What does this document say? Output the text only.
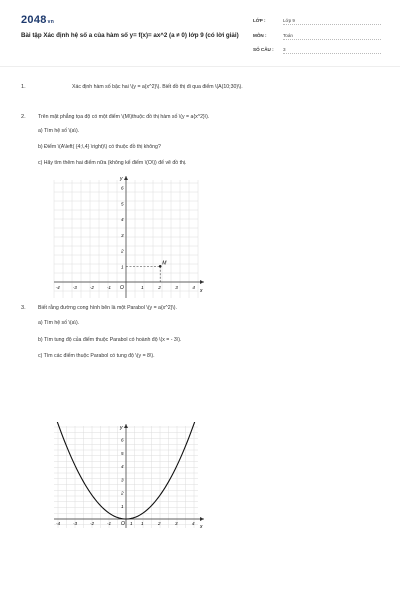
2048vn
Bài tập Xác định hệ số a của hàm số y= f(x)= ax^2 (a ≠ 0) lớp 9 (có lời giải)
LỚP :	Lớp 9
MÔN :	Toán
SỐ CÂU :	3
1.	Xác định hàm số bậc hai \(y = a{x^2}\). Biết đồ thị đi qua điểm \(A(10;30)\).
2. Trên mặt phẳng tọa độ có một điểm \(M\)thuộc đồ thị hàm số \(y = a{x^2}\).
a) Tìm hệ số \(a\).
b) Điểm \(A\left( {4;\,4} \right)\) có thuộc đồ thị không?
c) Hãy tìm thêm hai điểm nữa (không kể điểm \(O\)) để vẽ đồ thị.
x
y
O
-4	-3	-2	-1	1	2	3	4
1
2
3
4
5
6
M
3. Biết rằng đường cong hình bên là một Parabol \(y = a{x^2}\).
a) Tìm hệ số \(a\).
b) Tìm tung độ của điểm thuộc Parabol có hoành độ \(x = - 3\).
c) Tìm các điểm thuộc Parabol có tung độ \(y = 8\).
x
y
O
-4	-3	-2	-1	1 1	2	3	4
1
2
3
4
5
6
